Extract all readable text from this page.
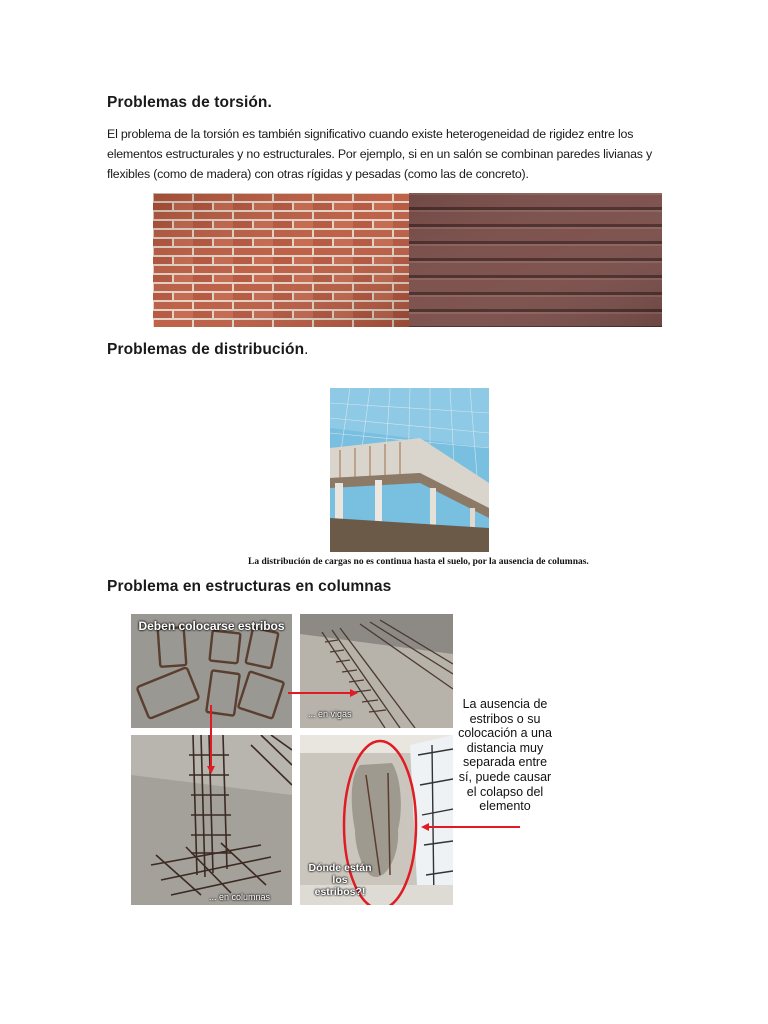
Problemas de torsión.
El problema de la torsión es también significativo cuando existe heterogeneidad de rigidez entre los elementos estructurales y no estructurales. Por ejemplo, si en un salón se combinan paredes livianas y flexibles (como de madera) con otras rígidas y pesadas (como las de concreto).
Problemas de distribución.
La distribución de cargas no es continua hasta el suelo, por la ausencia de columnas.
Problema en estructuras en columnas
Deben colocarse estribos
... en vigas
... en columnas
Dónde están los estribos?!
La ausencia de estribos o su colocación a una distancia muy separada entre sí, puede causar el colapso del elemento
